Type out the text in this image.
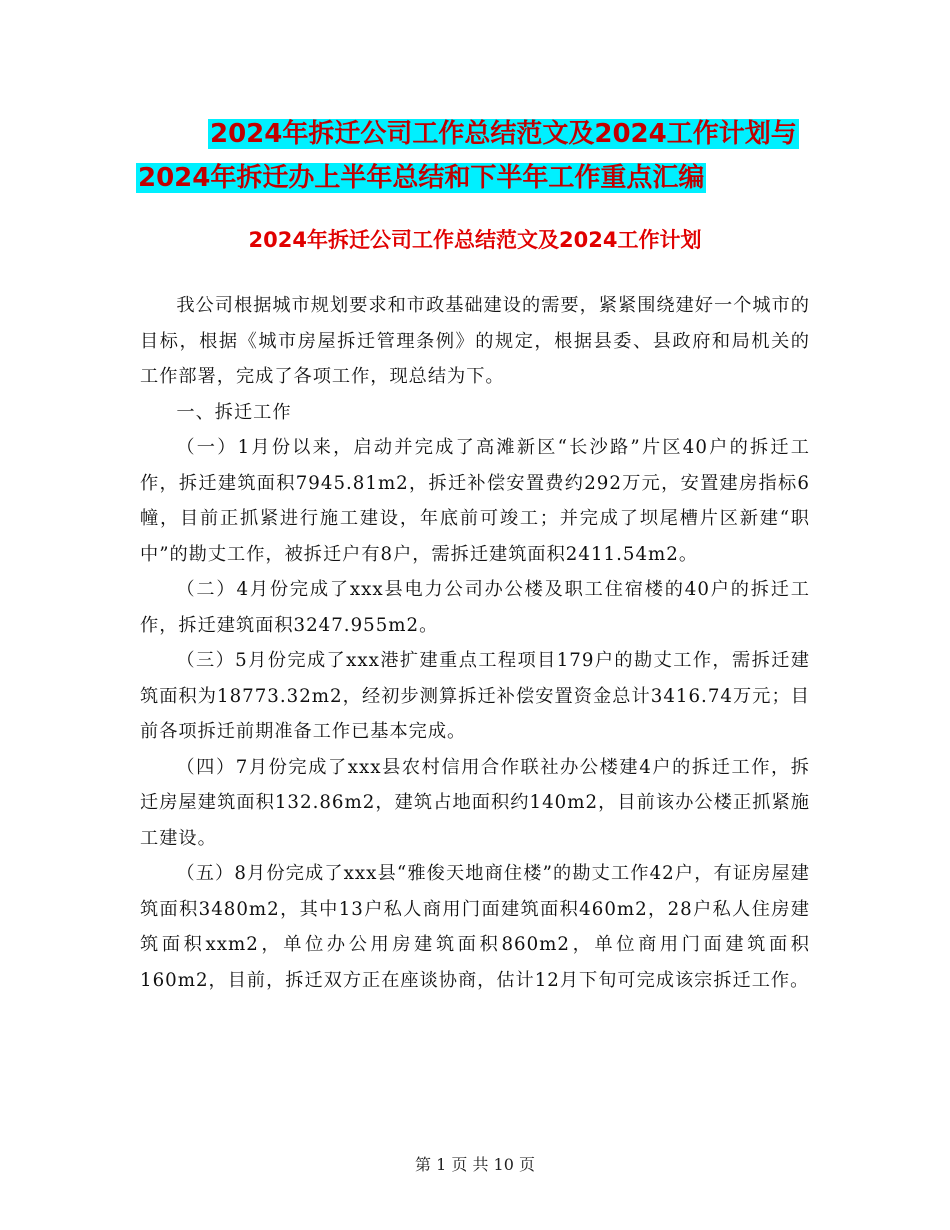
2024年拆迁公司工作总结范文及2024工作计划与
2024年拆迁办上半年总结和下半年工作重点汇编
2024年拆迁公司工作总结范文及2024工作计划

我公司根据城市规划要求和市政基础建设的需要，紧紧围绕建好一个城市的目标，根据《城市房屋拆迁管理条例》的规定，根据县委、县政府和局机关的工作部署，完成了各项工作，现总结为下。

一、拆迁工作

（一）1月份以来，启动并完成了高滩新区“长沙路”片区40户的拆迁工作，拆迁建筑面积7945.81m2，拆迁补偿安置费约292万元，安置建房指标6幢，目前正抓紧进行施工建设，年底前可竣工；并完成了坝尾槽片区新建“职中”的勘丈工作，被拆迁户有8户，需拆迁建筑面积2411.54m2。

（二）4月份完成了xxx县电力公司办公楼及职工住宿楼的40户的拆迁工作，拆迁建筑面积3247.955m2。

（三）5月份完成了xxx港扩建重点工程项目179户的勘丈工作，需拆迁建筑面积为18773.32m2，经初步测算拆迁补偿安置资金总计3416.74万元；目前各项拆迁前期准备工作已基本完成。

（四）7月份完成了xxx县农村信用合作联社办公楼建4户的拆迁工作，拆迁房屋建筑面积132.86m2，建筑占地面积约140m2，目前该办公楼正抓紧施工建设。

（五）8月份完成了xxx县“雅俊天地商住楼”的勘丈工作42户，有证房屋建筑面积3480m2，其中13户私人商用门面建筑面积460m2，28户私人住房建筑面积xxm2，单位办公用房建筑面积860m2，单位商用门面建筑面积160m2，目前，拆迁双方正在座谈协商，估计12月下旬可完成该宗拆迁工作。

第 1 页 共 10 页
